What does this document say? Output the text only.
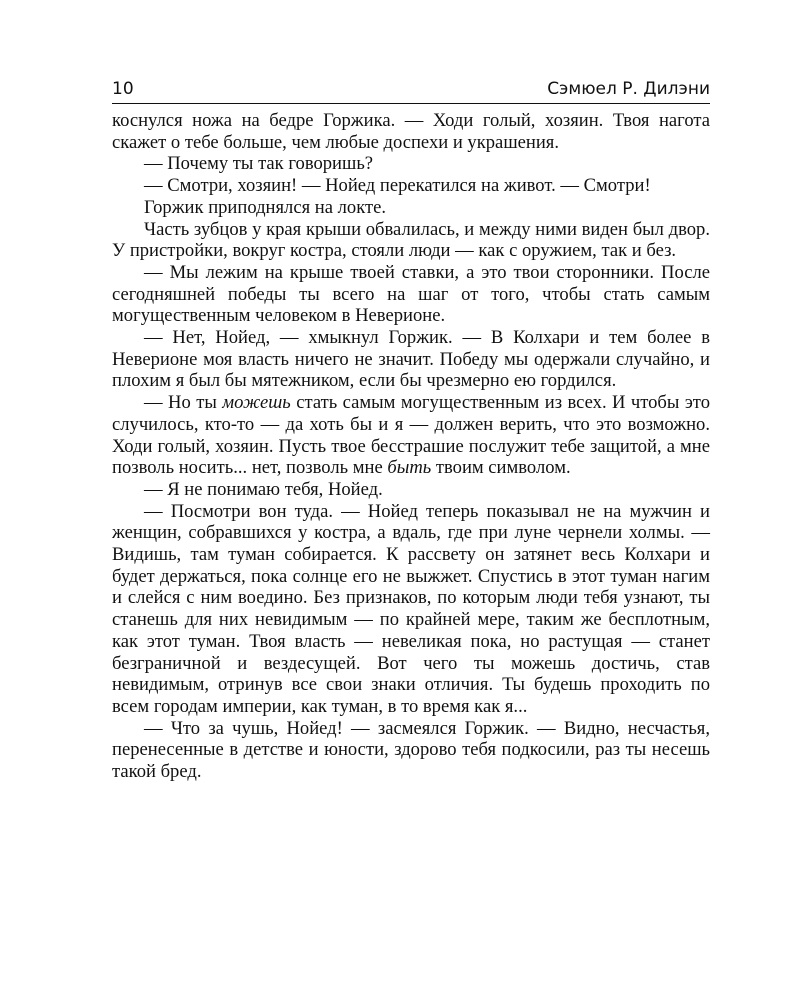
10	Сэмюел Р. Дилэни

коснулся ножа на бедре Горжика. — Ходи голый, хозяин. Твоя нагота скажет о тебе больше, чем любые доспехи и украшения.

— Почему ты так говоришь?

— Смотри, хозяин! — Нойед перекатился на живот. — Смотри!

Горжик приподнялся на локте.

Часть зубцов у края крыши обвалилась, и между ними виден был двор. У пристройки, вокруг костра, стояли люди — как с оружием, так и без.

— Мы лежим на крыше твоей ставки, а это твои сторонники. После сегодняшней победы ты всего на шаг от того, чтобы стать самым могущественным человеком в Неверионе.

— Нет, Нойед, — хмыкнул Горжик. — В Колхари и тем более в Неверионе моя власть ничего не значит. Победу мы одержали случайно, и плохим я был бы мятежником, если бы чрезмерно ею гордился.

— Но ты можешь стать самым могущественным из всех. И чтобы это случилось, кто-то — да хоть бы и я — должен верить, что это возможно. Ходи голый, хозяин. Пусть твое бесстрашие послужит тебе защитой, а мне позволь носить... нет, позволь мне быть твоим символом.

— Я не понимаю тебя, Нойед.

— Посмотри вон туда. — Нойед теперь показывал не на мужчин и женщин, собравшихся у костра, а вдаль, где при луне чернели холмы. — Видишь, там туман собирается. К рассвету он затянет весь Колхари и будет держаться, пока солнце его не выжжет. Спустись в этот туман нагим и слейся с ним воедино. Без признаков, по которым люди тебя узнают, ты станешь для них невидимым — по крайней мере, таким же бесплотным, как этот туман. Твоя власть — невеликая пока, но растущая — станет безграничной и вездесущей. Вот чего ты можешь достичь, став невидимым, отринув все свои знаки отличия. Ты будешь проходить по всем городам империи, как туман, в то время как я...

— Что за чушь, Нойед! — засмеялся Горжик. — Видно, несчастья, перенесенные в детстве и юности, здорово тебя подкосили, раз ты несешь такой бред.
